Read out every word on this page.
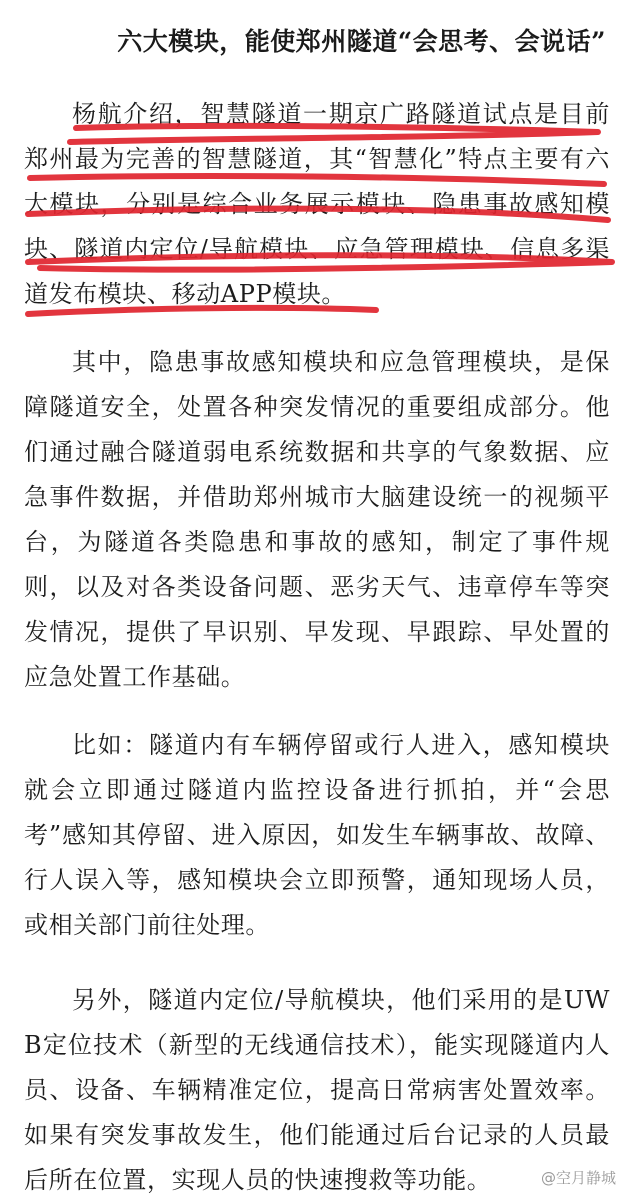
六大模块，能使郑州隧道“会思考、会说话”

杨航介绍，智慧隧道一期京广路隧道试点是目前郑州最为完善的智慧隧道，其“智慧化”特点主要有六大模块，分别是综合业务展示模块、隐患事故感知模块、隧道内定位/导航模块、应急管理模块、信息多渠道发布模块、移动APP模块。

其中，隐患事故感知模块和应急管理模块，是保障隧道安全，处置各种突发情况的重要组成部分。他们通过融合隧道弱电系统数据和共享的气象数据、应急事件数据，并借助郑州城市大脑建设统一的视频平台，为隧道各类隐患和事故的感知，制定了事件规则，以及对各类设备问题、恶劣天气、违章停车等突发情况，提供了早识别、早发现、早跟踪、早处置的应急处置工作基础。

比如：隧道内有车辆停留或行人进入，感知模块就会立即通过隧道内监控设备进行抓拍，并“会思考”感知其停留、进入原因，如发生车辆事故、故障、行人误入等，感知模块会立即预警，通知现场人员，或相关部门前往处理。

另外，隧道内定位/导航模块，他们采用的是UWB定位技术（新型的无线通信技术），能实现隧道内人员、设备、车辆精准定位，提高日常病害处置效率。如果有突发事故发生，他们能通过后台记录的人员最后所在位置，实现人员的快速搜救等功能。	@空月静城
